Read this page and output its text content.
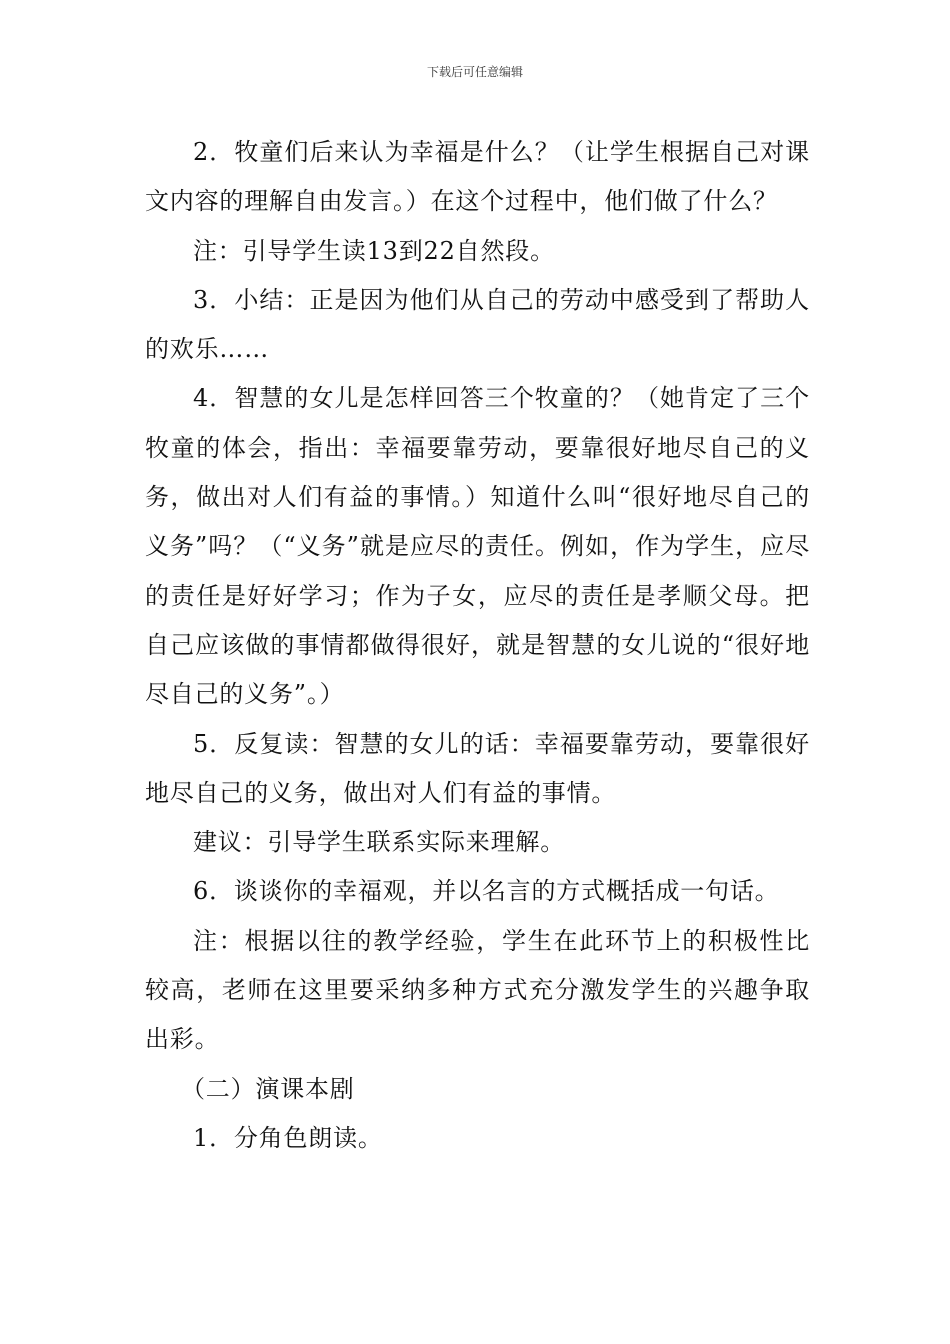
下载后可任意编辑

2．牧童们后来认为幸福是什么？（让学生根据自己对课文内容的理解自由发言。）在这个过程中，他们做了什么？

注：引导学生读13到22自然段。

3．小结：正是因为他们从自己的劳动中感受到了帮助人的欢乐……

4．智慧的女儿是怎样回答三个牧童的？（她肯定了三个牧童的体会，指出：幸福要靠劳动，要靠很好地尽自己的义务，做出对人们有益的事情。）知道什么叫“很好地尽自己的义务”吗？（“义务”就是应尽的责任。例如，作为学生，应尽的责任是好好学习；作为子女，应尽的责任是孝顺父母。把自己应该做的事情都做得很好，就是智慧的女儿说的“很好地尽自己的义务”。）

5．反复读：智慧的女儿的话：幸福要靠劳动，要靠很好地尽自己的义务，做出对人们有益的事情。

建议：引导学生联系实际来理解。

6．谈谈你的幸福观，并以名言的方式概括成一句话。

注：根据以往的教学经验，学生在此环节上的积极性比较高，老师在这里要采纳多种方式充分激发学生的兴趣争取出彩。

（二）演课本剧

1．分角色朗读。
